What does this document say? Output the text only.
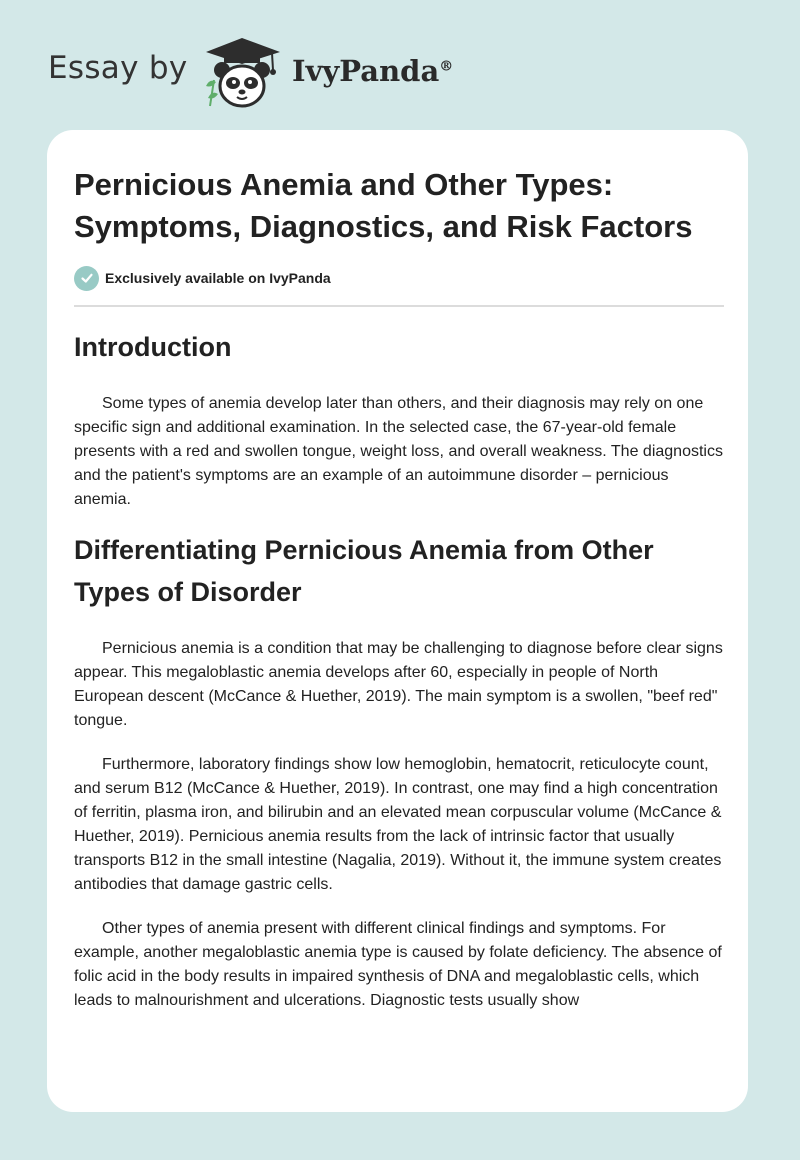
Essay by	IvyPanda®
Pernicious Anemia and Other Types: Symptoms, Diagnostics, and Risk Factors
Exclusively available on IvyPanda
Introduction

Some types of anemia develop later than others, and their diagnosis may rely on one specific sign and additional examination. In the selected case, the 67-year-old female presents with a red and swollen tongue, weight loss, and overall weakness. The diagnostics and the patient's symptoms are an example of an autoimmune disorder – pernicious anemia.

Differentiating Pernicious Anemia from Other Types of Disorder

Pernicious anemia is a condition that may be challenging to diagnose before clear signs appear. This megaloblastic anemia develops after 60, especially in people of North European descent (McCance & Huether, 2019). The main symptom is a swollen, "beef red" tongue.

Furthermore, laboratory findings show low hemoglobin, hematocrit, reticulocyte count, and serum B12 (McCance & Huether, 2019). In contrast, one may find a high concentration of ferritin, plasma iron, and bilirubin and an elevated mean corpuscular volume (McCance & Huether, 2019). Pernicious anemia results from the lack of intrinsic factor that usually transports B12 in the small intestine (Nagalia, 2019). Without it, the immune system creates antibodies that damage gastric cells.

Other types of anemia present with different clinical findings and symptoms. For example, another megaloblastic anemia type is caused by folate deficiency. The absence of folic acid in the body results in impaired synthesis of DNA and megaloblastic cells, which leads to malnourishment and ulcerations. Diagnostic tests usually show
